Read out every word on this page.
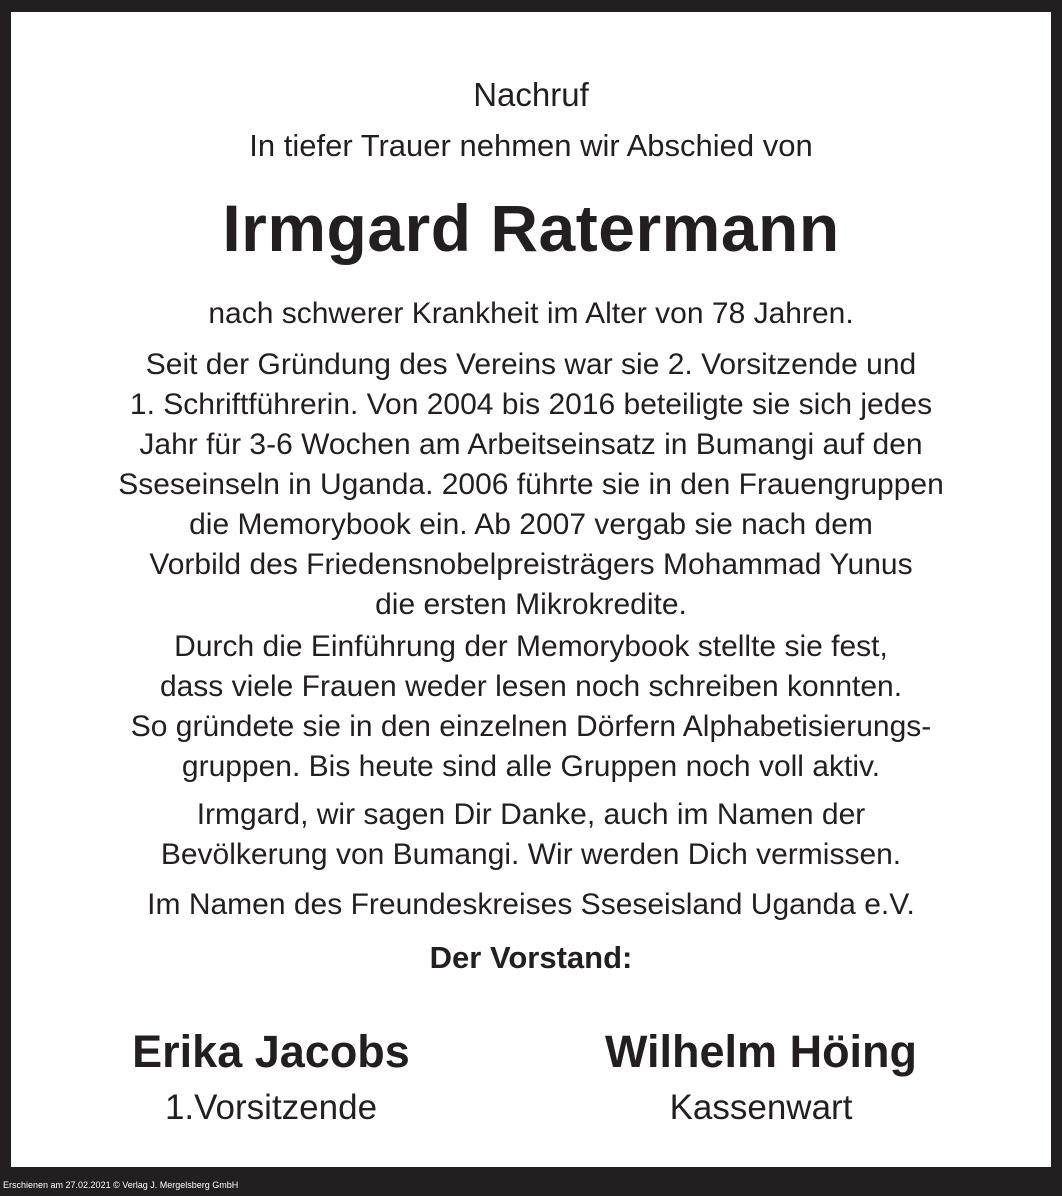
Nachruf

In tiefer Trauer nehmen wir Abschied von

Irmgard Ratermann

nach schwerer Krankheit im Alter von 78 Jahren.

Seit der Gründung des Vereins war sie 2. Vorsitzende und
1. Schriftführerin. Von 2004 bis 2016 beteiligte sie sich jedes
Jahr für 3-6 Wochen am Arbeitseinsatz in Bumangi auf den
Sseseinseln in Uganda. 2006 führte sie in den Frauengruppen
die Memorybook ein. Ab 2007 vergab sie nach dem
Vorbild des Friedensnobelpreisträgers Mohammad Yunus
die ersten Mikrokredite.

Durch die Einführung der Memorybook stellte sie fest,
dass viele Frauen weder lesen noch schreiben konnten.
So gründete sie in den einzelnen Dörfern Alphabetisierungs-
gruppen. Bis heute sind alle Gruppen noch voll aktiv.

Irmgard, wir sagen Dir Danke, auch im Namen der
Bevölkerung von Bumangi. Wir werden Dich vermissen.

Im Namen des Freundeskreises Sseseisland Uganda e.V.

Der Vorstand:

Erika Jacobs
1.Vorsitzende
Wilhelm Höing
Kassenwart
Erschienen am 27.02.2021 © Verlag J. Mergelsberg GmbH
